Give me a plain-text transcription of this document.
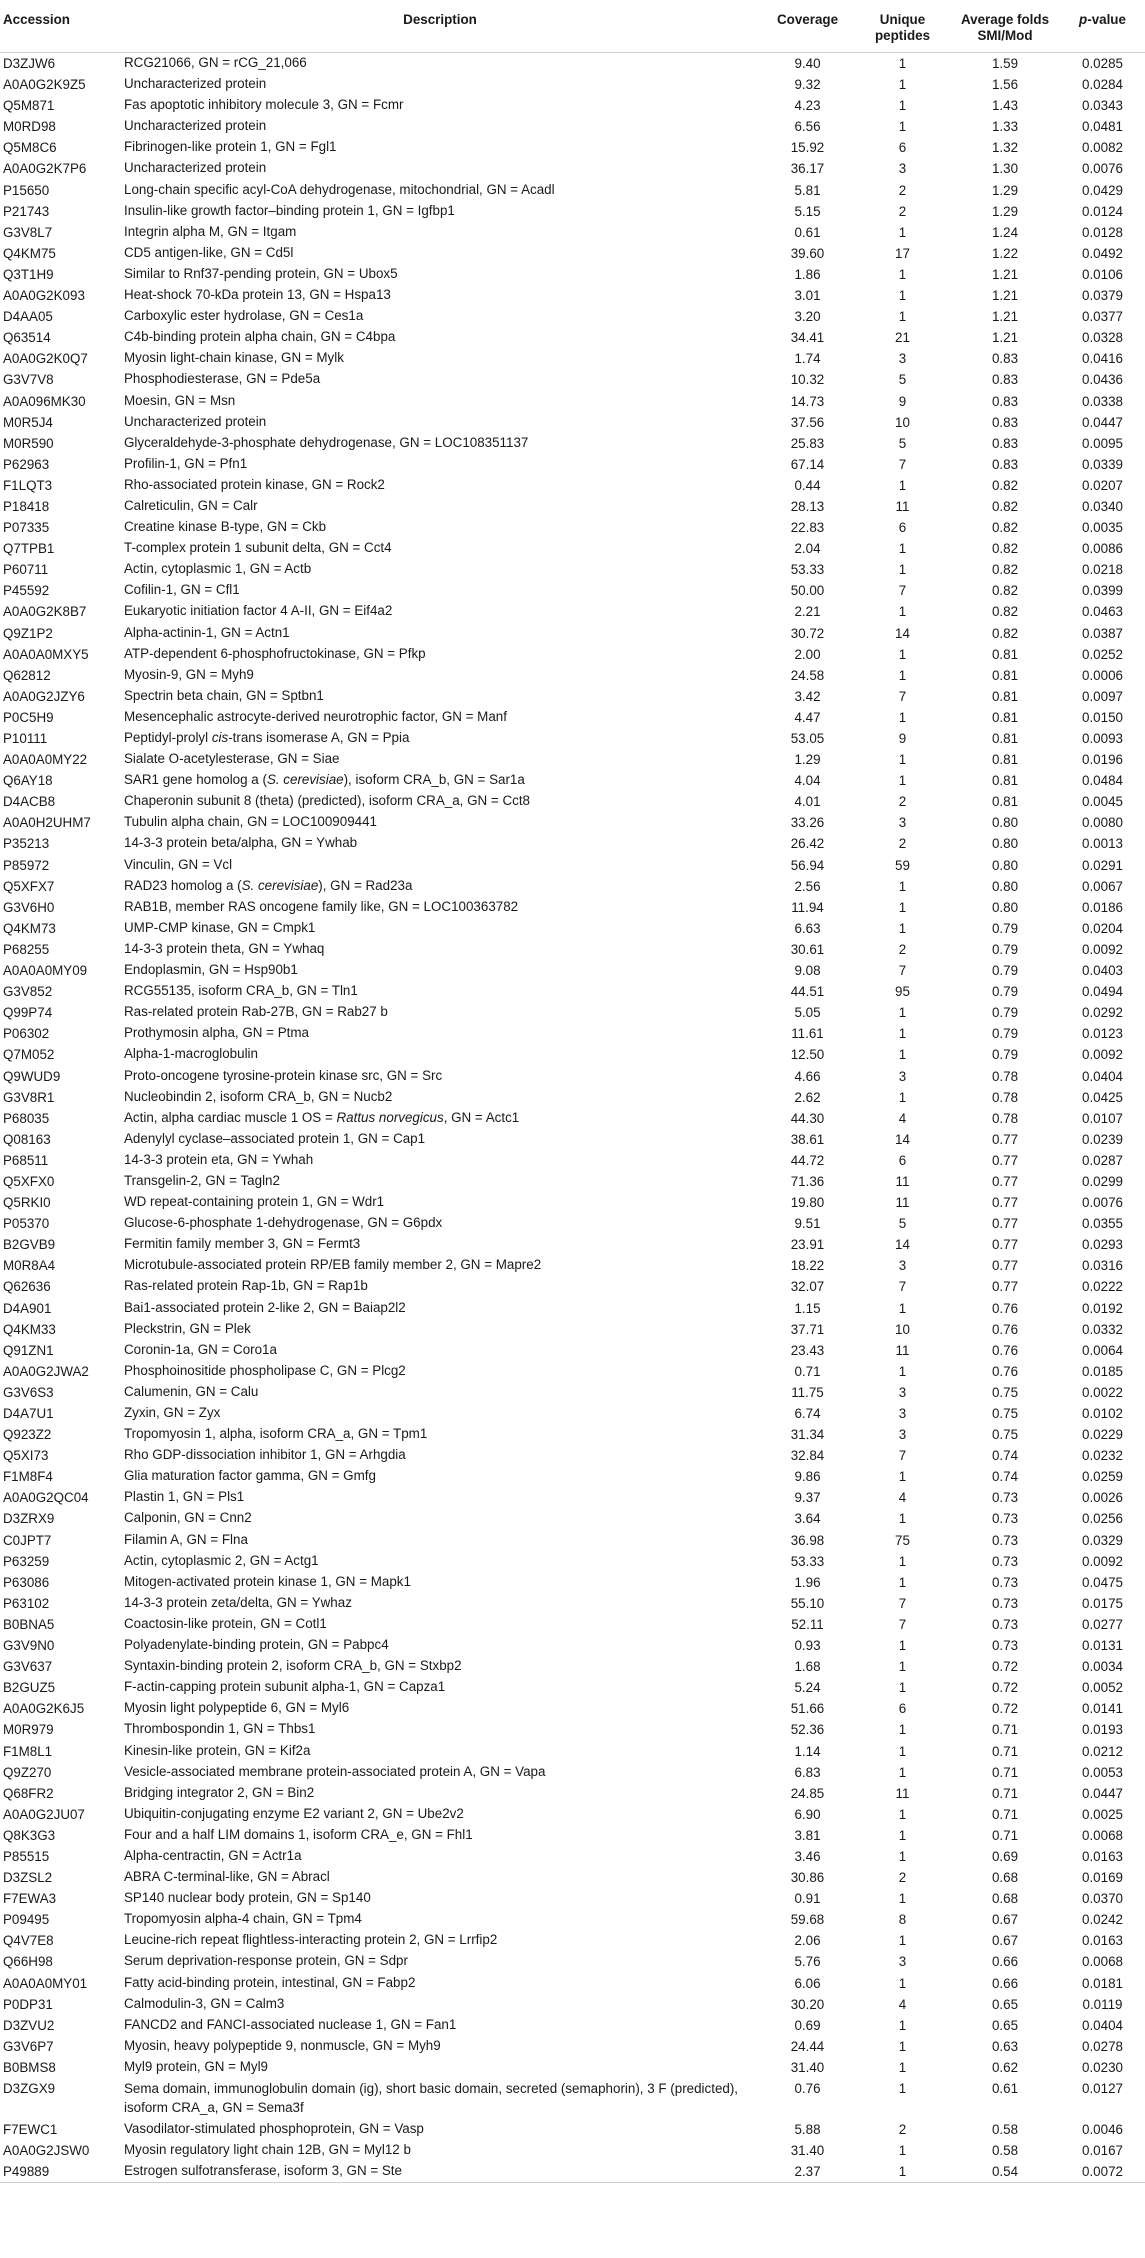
Accession	Description	Coverage	Unique peptides	Average folds SMI/Mod	p-value
D3ZJW6	RCG21066, GN = rCG_21,066	9.40	1	1.59	0.0285
A0A0G2K9Z5	Uncharacterized protein	9.32	1	1.56	0.0284
Q5M871	Fas apoptotic inhibitory molecule 3, GN = Fcmr	4.23	1	1.43	0.0343
M0RD98	Uncharacterized protein	6.56	1	1.33	0.0481
Q5M8C6	Fibrinogen-like protein 1, GN = Fgl1	15.92	6	1.32	0.0082
A0A0G2K7P6	Uncharacterized protein	36.17	3	1.30	0.0076
P15650	Long-chain specific acyl-CoA dehydrogenase, mitochondrial, GN = Acadl	5.81	2	1.29	0.0429
P21743	Insulin-like growth factor–binding protein 1, GN = Igfbp1	5.15	2	1.29	0.0124
G3V8L7	Integrin alpha M, GN = Itgam	0.61	1	1.24	0.0128
Q4KM75	CD5 antigen-like, GN = Cd5l	39.60	17	1.22	0.0492
Q3T1H9	Similar to Rnf37-pending protein, GN = Ubox5	1.86	1	1.21	0.0106
A0A0G2K093	Heat-shock 70-kDa protein 13, GN = Hspa13	3.01	1	1.21	0.0379
D4AA05	Carboxylic ester hydrolase, GN = Ces1a	3.20	1	1.21	0.0377
Q63514	C4b-binding protein alpha chain, GN = C4bpa	34.41	21	1.21	0.0328
A0A0G2K0Q7	Myosin light-chain kinase, GN = Mylk	1.74	3	0.83	0.0416
G3V7V8	Phosphodiesterase, GN = Pde5a	10.32	5	0.83	0.0436
A0A096MK30	Moesin, GN = Msn	14.73	9	0.83	0.0338
M0R5J4	Uncharacterized protein	37.56	10	0.83	0.0447
M0R590	Glyceraldehyde-3-phosphate dehydrogenase, GN = LOC108351137	25.83	5	0.83	0.0095
P62963	Profilin-1, GN = Pfn1	67.14	7	0.83	0.0339
F1LQT3	Rho-associated protein kinase, GN = Rock2	0.44	1	0.82	0.0207
P18418	Calreticulin, GN = Calr	28.13	11	0.82	0.0340
P07335	Creatine kinase B-type, GN = Ckb	22.83	6	0.82	0.0035
Q7TPB1	T-complex protein 1 subunit delta, GN = Cct4	2.04	1	0.82	0.0086
P60711	Actin, cytoplasmic 1, GN = Actb	53.33	1	0.82	0.0218
P45592	Cofilin-1, GN = Cfl1	50.00	7	0.82	0.0399
A0A0G2K8B7	Eukaryotic initiation factor 4 A-II, GN = Eif4a2	2.21	1	0.82	0.0463
Q9Z1P2	Alpha-actinin-1, GN = Actn1	30.72	14	0.82	0.0387
A0A0A0MXY5	ATP-dependent 6-phosphofructokinase, GN = Pfkp	2.00	1	0.81	0.0252
Q62812	Myosin-9, GN = Myh9	24.58	1	0.81	0.0006
A0A0G2JZY6	Spectrin beta chain, GN = Sptbn1	3.42	7	0.81	0.0097
P0C5H9	Mesencephalic astrocyte-derived neurotrophic factor, GN = Manf	4.47	1	0.81	0.0150
P10111	Peptidyl-prolyl cis-trans isomerase A, GN = Ppia	53.05	9	0.81	0.0093
A0A0A0MY22	Sialate O-acetylesterase, GN = Siae	1.29	1	0.81	0.0196
Q6AY18	SAR1 gene homolog a (S. cerevisiae), isoform CRA_b, GN = Sar1a	4.04	1	0.81	0.0484
D4ACB8	Chaperonin subunit 8 (theta) (predicted), isoform CRA_a, GN = Cct8	4.01	2	0.81	0.0045
A0A0H2UHM7	Tubulin alpha chain, GN = LOC100909441	33.26	3	0.80	0.0080
P35213	14-3-3 protein beta/alpha, GN = Ywhab	26.42	2	0.80	0.0013
P85972	Vinculin, GN = Vcl	56.94	59	0.80	0.0291
Q5XFX7	RAD23 homolog a (S. cerevisiae), GN = Rad23a	2.56	1	0.80	0.0067
G3V6H0	RAB1B, member RAS oncogene family like, GN = LOC100363782	11.94	1	0.80	0.0186
Q4KM73	UMP-CMP kinase, GN = Cmpk1	6.63	1	0.79	0.0204
P68255	14-3-3 protein theta, GN = Ywhaq	30.61	2	0.79	0.0092
A0A0A0MY09	Endoplasmin, GN = Hsp90b1	9.08	7	0.79	0.0403
G3V852	RCG55135, isoform CRA_b, GN = Tln1	44.51	95	0.79	0.0494
Q99P74	Ras-related protein Rab-27B, GN = Rab27 b	5.05	1	0.79	0.0292
P06302	Prothymosin alpha, GN = Ptma	11.61	1	0.79	0.0123
Q7M052	Alpha-1-macroglobulin	12.50	1	0.79	0.0092
Q9WUD9	Proto-oncogene tyrosine-protein kinase src, GN = Src	4.66	3	0.78	0.0404
G3V8R1	Nucleobindin 2, isoform CRA_b, GN = Nucb2	2.62	1	0.78	0.0425
P68035	Actin, alpha cardiac muscle 1 OS = Rattus norvegicus, GN = Actc1	44.30	4	0.78	0.0107
Q08163	Adenylyl cyclase–associated protein 1, GN = Cap1	38.61	14	0.77	0.0239
P68511	14-3-3 protein eta, GN = Ywhah	44.72	6	0.77	0.0287
Q5XFX0	Transgelin-2, GN = Tagln2	71.36	11	0.77	0.0299
Q5RKI0	WD repeat-containing protein 1, GN = Wdr1	19.80	11	0.77	0.0076
P05370	Glucose-6-phosphate 1-dehydrogenase, GN = G6pdx	9.51	5	0.77	0.0355
B2GVB9	Fermitin family member 3, GN = Fermt3	23.91	14	0.77	0.0293
M0R8A4	Microtubule-associated protein RP/EB family member 2, GN = Mapre2	18.22	3	0.77	0.0316
Q62636	Ras-related protein Rap-1b, GN = Rap1b	32.07	7	0.77	0.0222
D4A901	Bai1-associated protein 2-like 2, GN = Baiap2l2	1.15	1	0.76	0.0192
Q4KM33	Pleckstrin, GN = Plek	37.71	10	0.76	0.0332
Q91ZN1	Coronin-1a, GN = Coro1a	23.43	11	0.76	0.0064
A0A0G2JWA2	Phosphoinositide phospholipase C, GN = Plcg2	0.71	1	0.76	0.0185
G3V6S3	Calumenin, GN = Calu	11.75	3	0.75	0.0022
D4A7U1	Zyxin, GN = Zyx	6.74	3	0.75	0.0102
Q923Z2	Tropomyosin 1, alpha, isoform CRA_a, GN = Tpm1	31.34	3	0.75	0.0229
Q5XI73	Rho GDP-dissociation inhibitor 1, GN = Arhgdia	32.84	7	0.74	0.0232
F1M8F4	Glia maturation factor gamma, GN = Gmfg	9.86	1	0.74	0.0259
A0A0G2QC04	Plastin 1, GN = Pls1	9.37	4	0.73	0.0026
D3ZRX9	Calponin, GN = Cnn2	3.64	1	0.73	0.0256
C0JPT7	Filamin A, GN = Flna	36.98	75	0.73	0.0329
P63259	Actin, cytoplasmic 2, GN = Actg1	53.33	1	0.73	0.0092
P63086	Mitogen-activated protein kinase 1, GN = Mapk1	1.96	1	0.73	0.0475
P63102	14-3-3 protein zeta/delta, GN = Ywhaz	55.10	7	0.73	0.0175
B0BNA5	Coactosin-like protein, GN = Cotl1	52.11	7	0.73	0.0277
G3V9N0	Polyadenylate-binding protein, GN = Pabpc4	0.93	1	0.73	0.0131
G3V637	Syntaxin-binding protein 2, isoform CRA_b, GN = Stxbp2	1.68	1	0.72	0.0034
B2GUZ5	F-actin-capping protein subunit alpha-1, GN = Capza1	5.24	1	0.72	0.0052
A0A0G2K6J5	Myosin light polypeptide 6, GN = Myl6	51.66	6	0.72	0.0141
M0R979	Thrombospondin 1, GN = Thbs1	52.36	1	0.71	0.0193
F1M8L1	Kinesin-like protein, GN = Kif2a	1.14	1	0.71	0.0212
Q9Z270	Vesicle-associated membrane protein-associated protein A, GN = Vapa	6.83	1	0.71	0.0053
Q68FR2	Bridging integrator 2, GN = Bin2	24.85	11	0.71	0.0447
A0A0G2JU07	Ubiquitin-conjugating enzyme E2 variant 2, GN = Ube2v2	6.90	1	0.71	0.0025
Q8K3G3	Four and a half LIM domains 1, isoform CRA_e, GN = Fhl1	3.81	1	0.71	0.0068
P85515	Alpha-centractin, GN = Actr1a	3.46	1	0.69	0.0163
D3ZSL2	ABRA C-terminal-like, GN = Abracl	30.86	2	0.68	0.0169
F7EWA3	SP140 nuclear body protein, GN = Sp140	0.91	1	0.68	0.0370
P09495	Tropomyosin alpha-4 chain, GN = Tpm4	59.68	8	0.67	0.0242
Q4V7E8	Leucine-rich repeat flightless-interacting protein 2, GN = Lrrfip2	2.06	1	0.67	0.0163
Q66H98	Serum deprivation-response protein, GN = Sdpr	5.76	3	0.66	0.0068
A0A0A0MY01	Fatty acid-binding protein, intestinal, GN = Fabp2	6.06	1	0.66	0.0181
P0DP31	Calmodulin-3, GN = Calm3	30.20	4	0.65	0.0119
D3ZVU2	FANCD2 and FANCI-associated nuclease 1, GN = Fan1	0.69	1	0.65	0.0404
G3V6P7	Myosin, heavy polypeptide 9, nonmuscle, GN = Myh9	24.44	1	0.63	0.0278
B0BMS8	Myl9 protein, GN = Myl9	31.40	1	0.62	0.0230
D3ZGX9	Sema domain, immunoglobulin domain (ig), short basic domain, secreted (semaphorin), 3 F (predicted), isoform CRA_a, GN = Sema3f	0.76	1	0.61	0.0127
F7EWC1	Vasodilator-stimulated phosphoprotein, GN = Vasp	5.88	2	0.58	0.0046
A0A0G2JSW0	Myosin regulatory light chain 12B, GN = Myl12 b	31.40	1	0.58	0.0167
P49889	Estrogen sulfotransferase, isoform 3, GN = Ste	2.37	1	0.54	0.0072
